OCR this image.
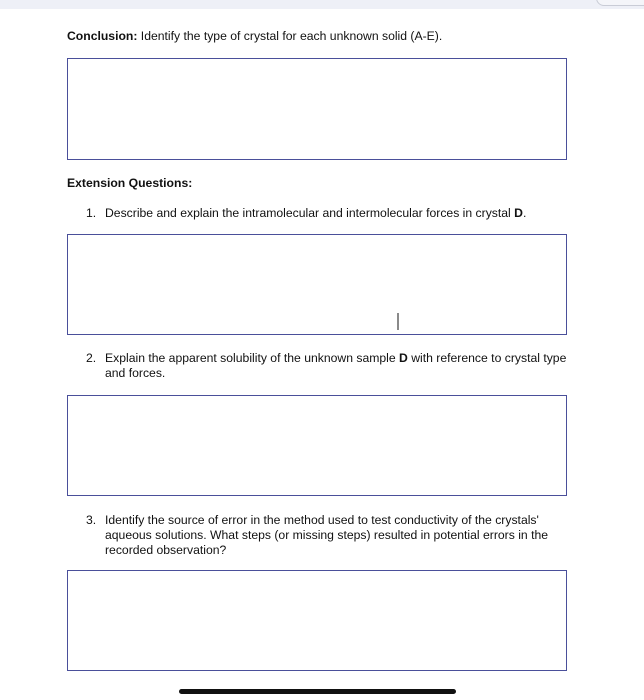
Conclusion: Identify the type of crystal for each unknown solid (A-E).
Extension Questions:
1. Describe and explain the intramolecular and intermolecular forces in crystal D.
2. Explain the apparent solubility of the unknown sample D with reference to crystal type and forces.
3. Identify the source of error in the method used to test conductivity of the crystals' aqueous solutions. What steps (or missing steps) resulted in potential errors in the recorded observation?
